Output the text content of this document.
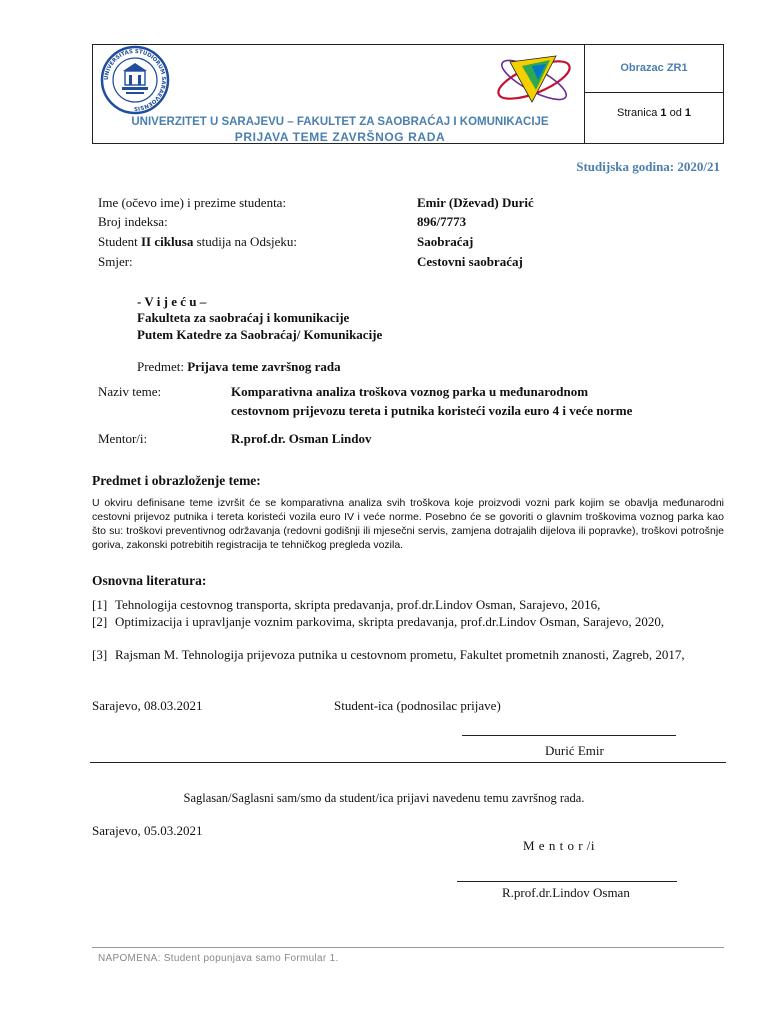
UNIVERSITAS STUDIORUM SARAEVOENSIS
UNIVERZITET U SARAJEVU – FAKULTET ZA SAOBRAĆAJ I KOMUNIKACIJE
PRIJAVA TEME ZAVRŠNOG RADA
Obrazac ZR1
Stranica 1 od 1
Studijska godina: 2020/21
Ime (očevo ime) i prezime studenta:	Emir (Dževad) Durić
Broj indeksa:	896/7773
Student II ciklusa studija na Odsjeku:	Saobraćaj
Smjer:	Cestovni saobraćaj
- V i j e ć u –
Fakulteta za saobraćaj i komunikacije
Putem Katedre za Saobraćaj/ Komunikacije
Predmet: Prijava teme završnog rada
Naziv teme:	Komparativna analiza troškova voznog parka u međunarodnom
cestovnom prijevozu tereta i putnika koristeći vozila euro 4 i veće norme
Mentor/i:	R.prof.dr. Osman Lindov
Predmet i obrazloženje teme:
U okviru definisane teme izvršit će se komparativna analiza svih troškova koje proizvodi vozni park kojim se obavlja međunarodni cestovni prijevoz putnika i tereta koristeći vozila euro IV i veće norme. Posebno će se govoriti o glavnim troškovima voznog parka kao što su: troškovi preventivnog održavanja (redovni godišnji ili mjesečni servis, zamjena dotrajalih dijelova ili popravke), troškovi potrošnje goriva, zakonski potrebitih registracija te tehničkog pregleda vozila.
Osnovna literatura:
[1] Tehnologija cestovnog transporta, skripta predavanja, prof.dr.Lindov Osman, Sarajevo, 2016,
[2] Optimizacija i upravljanje voznim parkovima, skripta predavanja, prof.dr.Lindov Osman, Sarajevo, 2020,
[3] Rajsman M. Tehnologija prijevoza putnika u cestovnom prometu, Fakultet prometnih znanosti, Zagreb, 2017,
Sarajevo, 08.03.2021	Student-ica (podnosilac prijave)
Durić Emir
Saglasan/Saglasni sam/smo da student/ica prijavi navedenu temu završnog rada.
Sarajevo, 05.03.2021
M e n t o r /i
R.prof.dr.Lindov Osman
NAPOMENA: Student popunjava samo Formular 1.
